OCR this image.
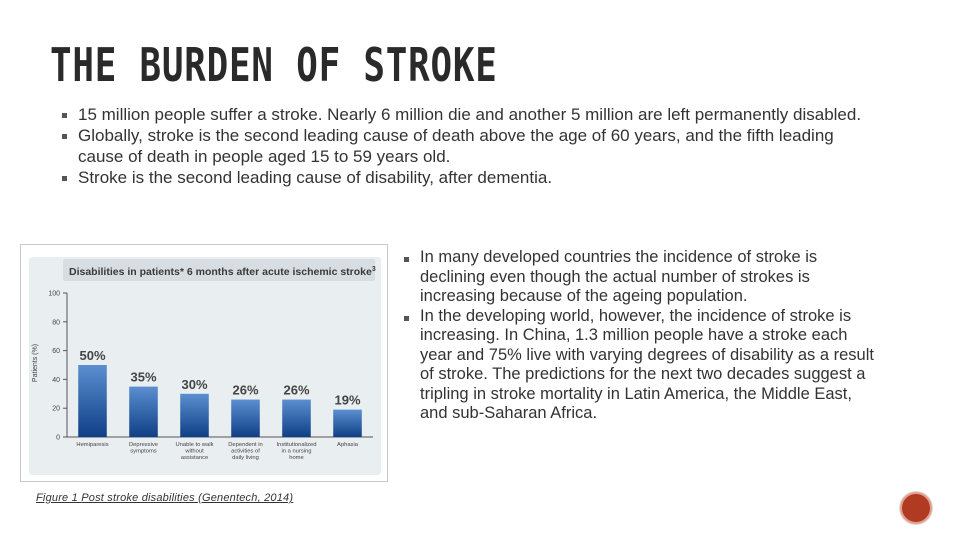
THE BURDEN OF STROKE
15 million people suffer a stroke. Nearly 6 million die and another 5 million are left permanently disabled.
Globally, stroke is the second leading cause of death above the age of 60 years, and the fifth leading cause of death in people aged 15 to 59 years old.
Stroke is the second leading cause of disability, after dementia.
Disabilities in patients* 6 months after acute ischemic stroke$^3$
Patients (%)
0
20
40
60
80
100
50%
Hemiparesis
35%
Depressive symptoms
30%
Unable to walk without assistance
26%
Dependent in activities of daily living
26%
Institutionalized in a nursing home
19%
Aphasia
Figure 1 Post stroke disabilities (Genentech, 2014)
In many developed countries the incidence of stroke is declining even though the actual number of strokes is increasing because of the ageing population.
In the developing world, however, the incidence of stroke is increasing. In China, 1.3 million people have a stroke each year and 75% live with varying degrees of disability as a result of stroke. The predictions for the next two decades suggest a tripling in stroke mortality in Latin America, the Middle East, and sub-Saharan Africa.
